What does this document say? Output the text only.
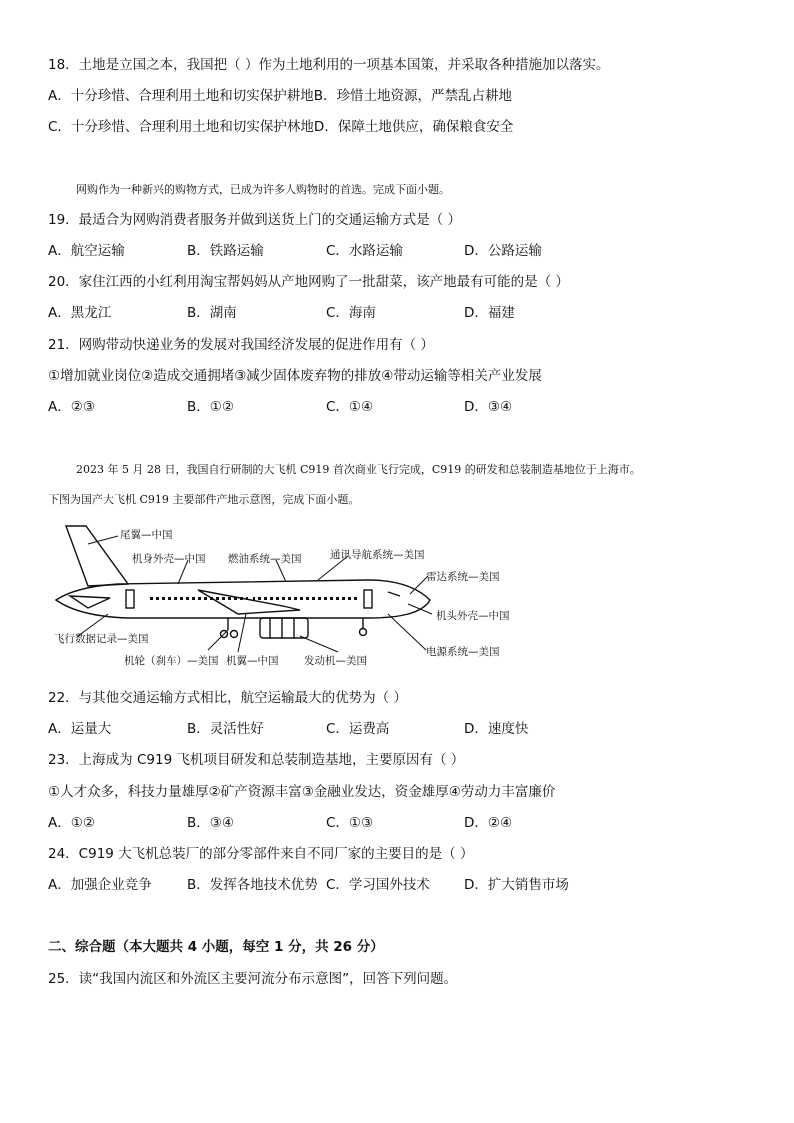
18．土地是立国之本，我国把（ ）作为土地利用的一项基本国策，并采取各种措施加以落实。
A．十分珍惜、合理利用土地和切实保护耕地B．珍惜土地资源，严禁乱占耕地
C．十分珍惜、合理利用土地和切实保护林地D．保障土地供应，确保粮食安全
网购作为一种新兴的购物方式，已成为许多人购物时的首选。完成下面小题。
19．最适合为网购消费者服务并做到送货上门的交通运输方式是（ ）
A．航空运输	B．铁路运输	C．水路运输	D．公路运输
20．家住江西的小红利用淘宝帮妈妈从产地网购了一批甜菜，该产地最有可能的是（ ）
A．黑龙江	B．湖南	C．海南	D．福建
21．网购带动快递业务的发展对我国经济发展的促进作用有（ ）
①增加就业岗位②造成交通拥堵③减少固体废弃物的排放④带动运输等相关产业发展
A．②③	B．①②	C．①④	D．③④
2023 年 5 月 28 日，我国自行研制的大飞机 C919 首次商业飞行完成，C919 的研发和总装制造基地位于上海市。
下图为国产大飞机 C919 主要部件产地示意图，完成下面小题。
尾翼—中国
机身外壳—中国 燃油系统—美国	通讯导航系统—美国
雷达系统—美国
机头外壳—中国
电源系统—美国
飞行数据记录—美国
机轮（刹车）—美国 机翼—中国 发动机—美国
22．与其他交通运输方式相比，航空运输最大的优势为（ ）
A．运量大	B．灵活性好	C．运费高	D．速度快
23．上海成为 C919 飞机项目研发和总装制造基地，主要原因有（ ）
①人才众多，科技力量雄厚②矿产资源丰富③金融业发达，资金雄厚④劳动力丰富廉价
A．①②	B．③④	C．①③	D．②④
24．C919 大飞机总装厂的部分零部件来自不同厂家的主要目的是（ ）
A．加强企业竞争	B．发挥各地技术优势 C．学习国外技术	D．扩大销售市场
二、综合题（本大题共 4 小题，每空 1 分，共 26 分）
25．读“我国内流区和外流区主要河流分布示意图”，回答下列问题。
